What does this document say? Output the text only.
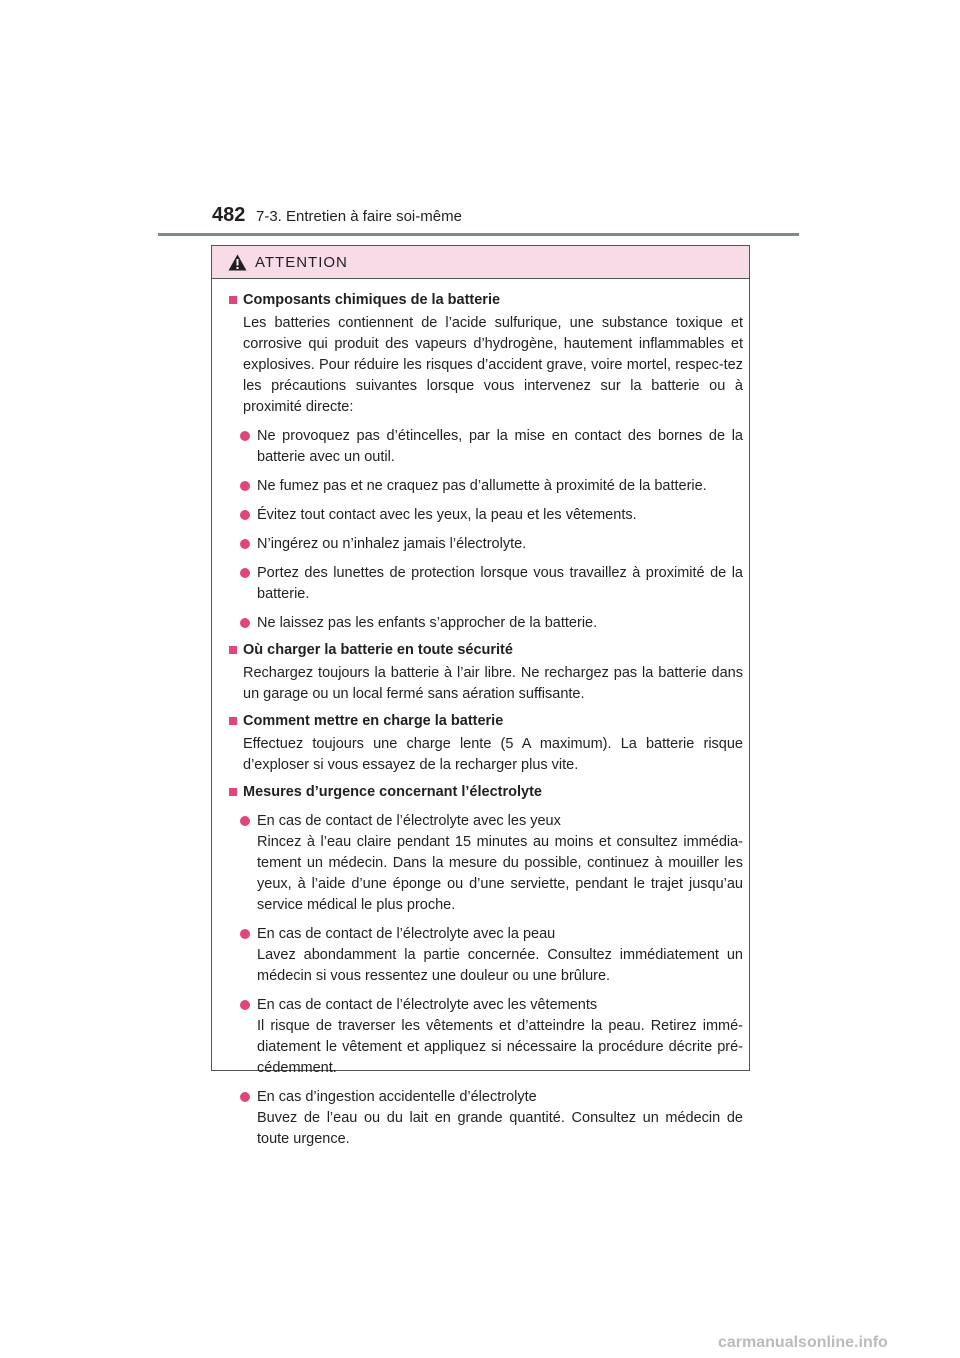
482 7-3. Entretien à faire soi-même
ATTENTION
Composants chimiques de la batterie
Les batteries contiennent de l’acide sulfurique, une substance toxique et corrosive qui produit des vapeurs d’hydrogène, hautement inflammables et explosives. Pour réduire les risques d’accident grave, voire mortel, respec-tez les précautions suivantes lorsque vous intervenez sur la batterie ou à proximité directe:
Ne provoquez pas d’étincelles, par la mise en contact des bornes de la batterie avec un outil.
Ne fumez pas et ne craquez pas d’allumette à proximité de la batterie.
Évitez tout contact avec les yeux, la peau et les vêtements.
N’ingérez ou n’inhalez jamais l’électrolyte.
Portez des lunettes de protection lorsque vous travaillez à proximité de la batterie.
Ne laissez pas les enfants s’approcher de la batterie.
Où charger la batterie en toute sécurité
Rechargez toujours la batterie à l’air libre. Ne rechargez pas la batterie dans un garage ou un local fermé sans aération suffisante.
Comment mettre en charge la batterie
Effectuez toujours une charge lente (5 A maximum). La batterie risque d’exploser si vous essayez de la recharger plus vite.
Mesures d’urgence concernant l’électrolyte
En cas de contact de l’électrolyte avec les yeux
Rincez à l’eau claire pendant 15 minutes au moins et consultez immédia-tement un médecin. Dans la mesure du possible, continuez à mouiller les yeux, à l’aide d’une éponge ou d’une serviette, pendant le trajet jusqu’au service médical le plus proche.
En cas de contact de l’électrolyte avec la peau
Lavez abondamment la partie concernée. Consultez immédiatement un médecin si vous ressentez une douleur ou une brûlure.
En cas de contact de l’électrolyte avec les vêtements
Il risque de traverser les vêtements et d’atteindre la peau. Retirez immé-diatement le vêtement et appliquez si nécessaire la procédure décrite pré-cédemment.
En cas d’ingestion accidentelle d’électrolyte
Buvez de l’eau ou du lait en grande quantité. Consultez un médecin de toute urgence.
carmanualsonline.info
